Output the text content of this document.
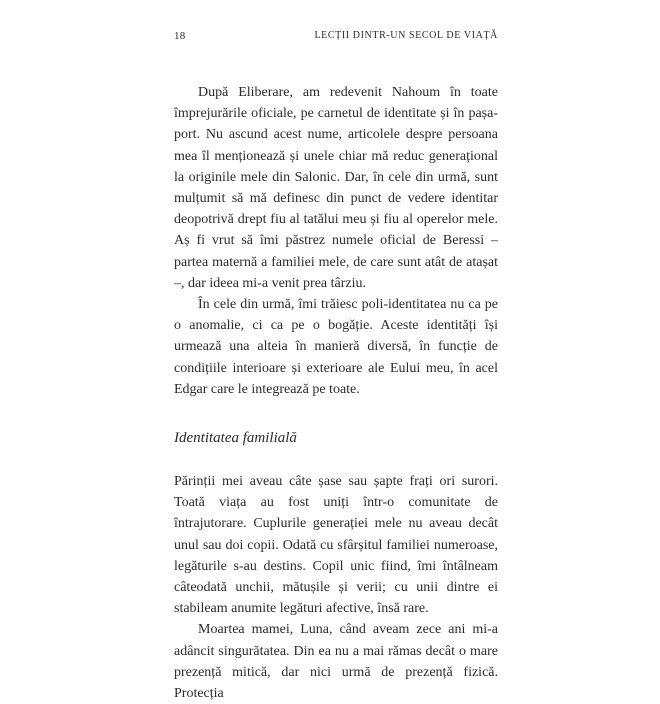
18	LECȚII DINTR-UN SECOL DE VIAȚĂ

După Eliberare, am redevenit Nahoum în toate împrejurările oficiale, pe carnetul de identitate și în pașaport. Nu ascund acest nume, articolele despre persoana mea îl menționează și unele chiar mă reduc generațional la originile mele din Salonic. Dar, în cele din urmă, sunt mulțumit să mă definesc din punct de vedere identitar deopotrivă drept fiu al tatălui meu și fiu al operelor mele. Aș fi vrut să îmi păstrez numele oficial de Beressi – partea maternă a familiei mele, de care sunt atât de atașat –, dar ideea mi-a venit prea târziu.

În cele din urmă, îmi trăiesc poli-identitatea nu ca pe o anomalie, ci ca pe o bogăție. Aceste identități își urmează una alteia în manieră diversă, în funcție de condițiile interioare și exterioare ale Eului meu, în acel Edgar care le integrează pe toate.

Identitatea familială

Părinții mei aveau câte șase sau șapte frați ori surori. Toată viața au fost uniți într-o comunitate de întrajutorare. Cuplurile generației mele nu aveau decât unul sau doi copii. Odată cu sfârșitul familiei numeroase, legăturile s-au destins. Copil unic fiind, îmi întâlneam câteodată unchii, mătușile și verii; cu unii dintre ei stabileam anumite legături afective, însă rare.

Moartea mamei, Luna, când aveam zece ani mi-a adâncit singurătatea. Din ea nu a mai rămas decât o mare prezență mitică, dar nici urmă de prezență fizică. Protecția
